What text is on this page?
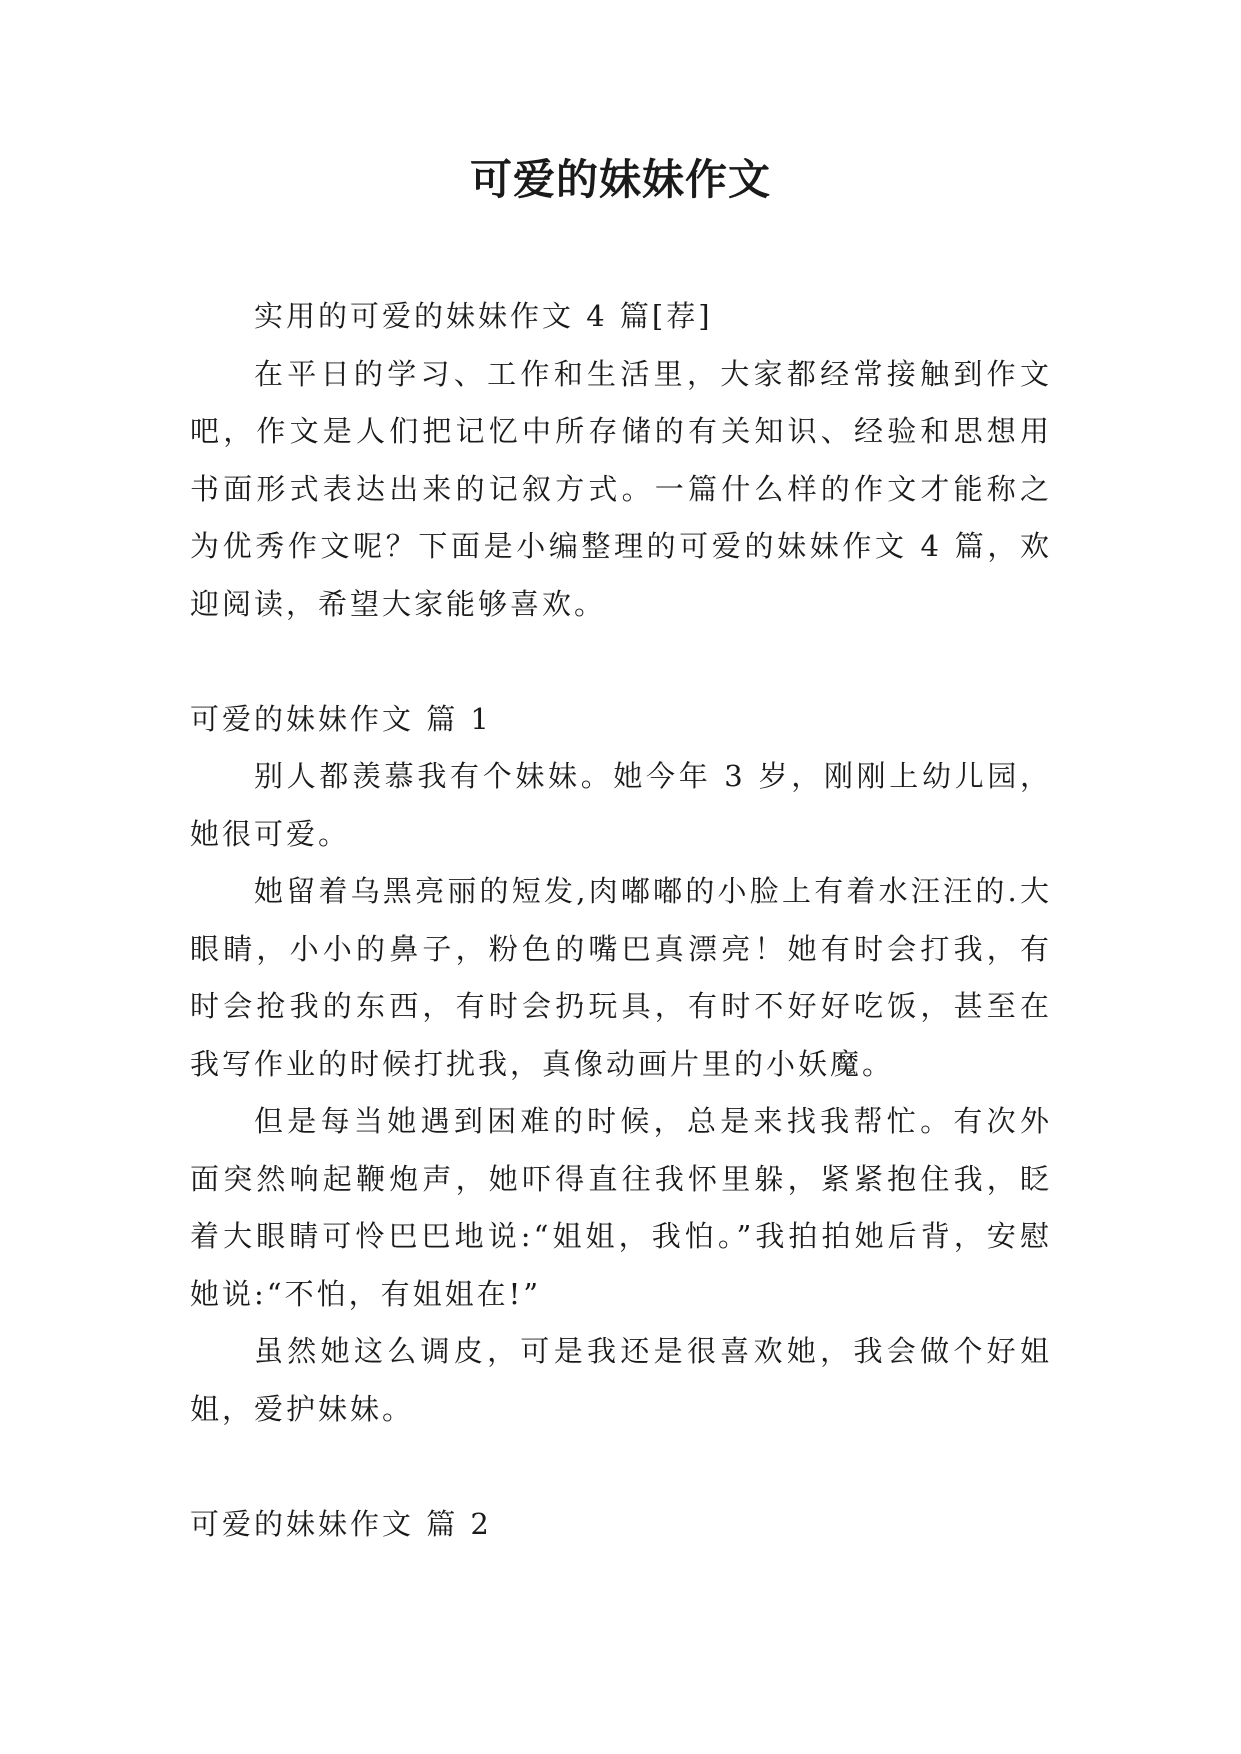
可爱的妹妹作文

实用的可爱的妹妹作文 4 篇[荐]

在平日的学习、工作和生活里，大家都经常接触到作文吧，作文是人们把记忆中所存储的有关知识、经验和思想用书面形式表达出来的记叙方式。一篇什么样的作文才能称之为优秀作文呢？下面是小编整理的可爱的妹妹作文 4 篇，欢迎阅读，希望大家能够喜欢。

可爱的妹妹作文 篇 1

别人都羡慕我有个妹妹。她今年 3 岁，刚刚上幼儿园，她很可爱。

她留着乌黑亮丽的短发,肉嘟嘟的小脸上有着水汪汪的.大眼睛，小小的鼻子，粉色的嘴巴真漂亮！她有时会打我，有时会抢我的东西，有时会扔玩具，有时不好好吃饭，甚至在我写作业的时候打扰我，真像动画片里的小妖魔。

但是每当她遇到困难的时候，总是来找我帮忙。有次外面突然响起鞭炮声，她吓得直往我怀里躲，紧紧抱住我，眨着大眼睛可怜巴巴地说:“姐姐，我怕。”我拍拍她后背，安慰她说:“不怕，有姐姐在!”

虽然她这么调皮，可是我还是很喜欢她，我会做个好姐姐，爱护妹妹。

可爱的妹妹作文 篇 2
